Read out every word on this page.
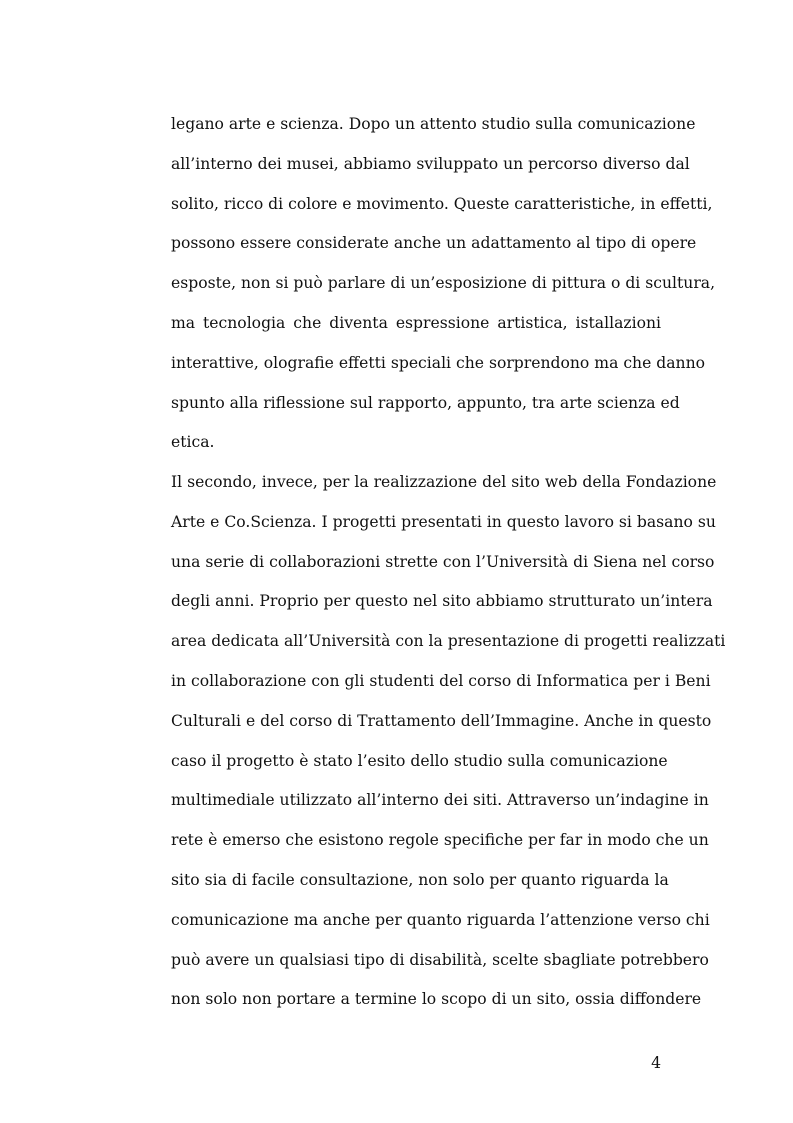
legano arte e scienza. Dopo un attento studio sulla comunicazione
all’interno dei musei, abbiamo sviluppato un percorso diverso dal
solito, ricco di colore e movimento. Queste caratteristiche, in effetti,
possono essere considerate anche un adattamento al tipo di opere
esposte, non si può parlare di un’esposizione di pittura o di scultura,
ma tecnologia che diventa espressione artistica, istallazioni
interattive, olografie effetti speciali che sorprendono ma che danno
spunto alla riflessione sul rapporto, appunto, tra arte scienza ed
etica.
Il secondo, invece, per la realizzazione del sito web della Fondazione
Arte e Co.Scienza. I progetti presentati in questo lavoro si basano su
una serie di collaborazioni strette con l’Università di Siena nel corso
degli anni. Proprio per questo nel sito abbiamo strutturato un’intera
area dedicata all’Università con la presentazione di progetti realizzati
in collaborazione con gli studenti del corso di Informatica per i Beni
Culturali e del corso di Trattamento dell’Immagine. Anche in questo
caso il progetto è stato l’esito dello studio sulla comunicazione
multimediale utilizzato all’interno dei siti. Attraverso un’indagine in
rete è emerso che esistono regole specifiche per far in modo che un
sito sia di facile consultazione, non solo per quanto riguarda la
comunicazione ma anche per quanto riguarda l’attenzione verso chi
può avere un qualsiasi tipo di disabilità, scelte sbagliate potrebbero
non solo non portare a termine lo scopo di un sito, ossia diffondere
4
